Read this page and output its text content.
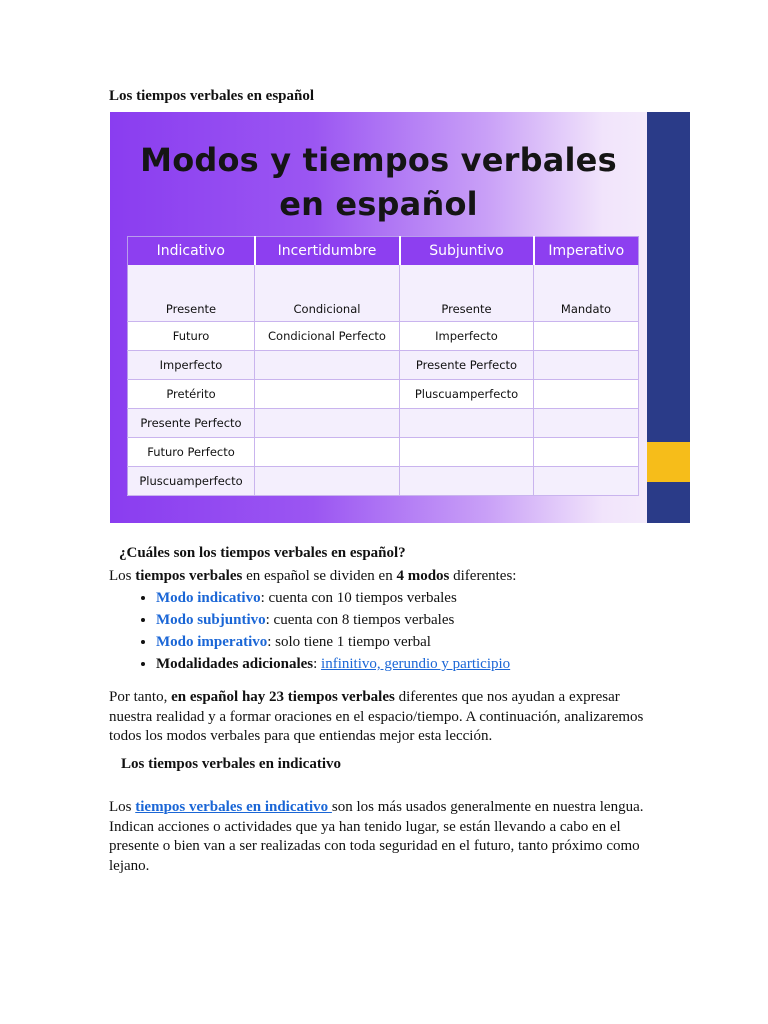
Los tiempos verbales en español
Modos y tiempos verbales
en español
Indicativo	Incertidumbre	Subjuntivo	Imperativo
Presente	Condicional	Presente	Mandato
Futuro	Condicional Perfecto	Imperfecto	
Imperfecto		Presente Perfecto	
Pretérito		Pluscuamperfecto	
Presente Perfecto			
Futuro Perfecto			
Pluscuamperfecto			
¿Cuáles son los tiempos verbales en español?

Los tiempos verbales en español se dividen en 4 modos diferentes:

• Modo indicativo: cuenta con 10 tiempos verbales
• Modo subjuntivo: cuenta con 8 tiempos verbales
• Modo imperativo: solo tiene 1 tiempo verbal
• Modalidades adicionales: infinitivo, gerundio y participio

Por tanto, en español hay 23 tiempos verbales diferentes que nos ayudan a expresar nuestra realidad y a formar oraciones en el espacio/tiempo. A continuación, analizaremos todos los modos verbales para que entiendas mejor esta lección.

Los tiempos verbales en indicativo

Los tiempos verbales en indicativo son los más usados generalmente en nuestra lengua. Indican acciones o actividades que ya han tenido lugar, se están llevando a cabo en el presente o bien van a ser realizadas con toda seguridad en el futuro, tanto próximo como lejano.
